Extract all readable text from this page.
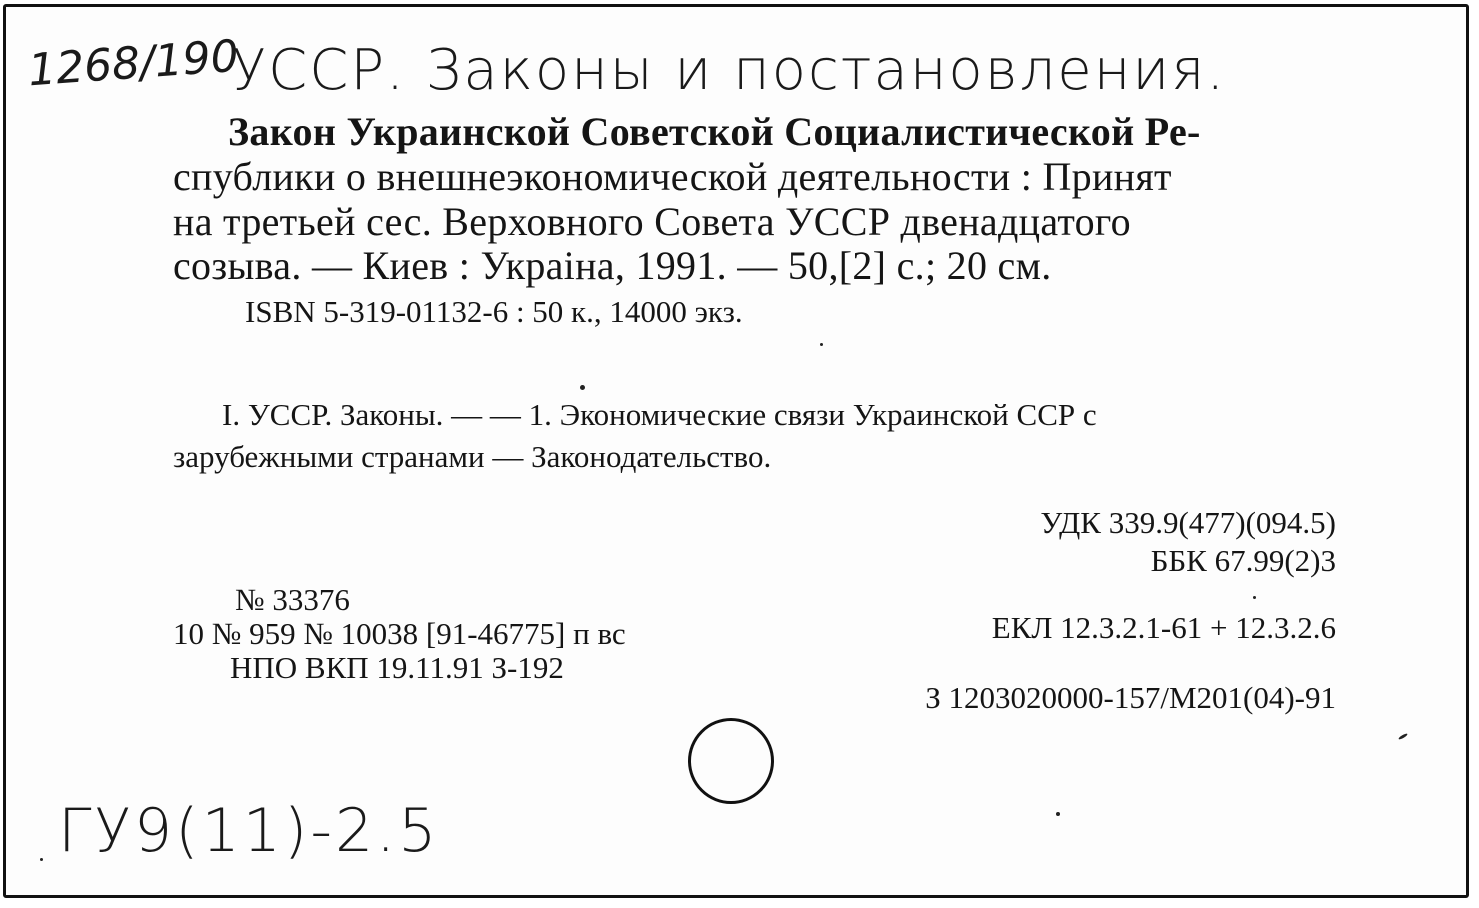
1268/190
УССР. Законы и постановления.
Закон Украинской Советской Социалистической Ре-
спублики о внешнеэкономической деятельности : Принят
на третьей сес. Верховного Совета УССР двенадцатого
созыва. — Киев : Украiна, 1991. — 50,[2] с.; 20 см.
ISBN 5-319-01132-6 : 50 к., 14000 экз.
I. УССР. Законы. — — 1. Экономические связи Украинской ССР с
зарубежными странами — Законодательство.
УДК 339.9(477)(094.5)
ББК 67.99(2)3
ЕКЛ 12.3.2.1-61 + 12.3.2.6
З 1203020000-157/М201(04)-91
№ 33376
10 № 959 № 10038 [91-46775] п вс
НПО ВКП 19.11.91 З-192
ГУ9(11)-2.5
